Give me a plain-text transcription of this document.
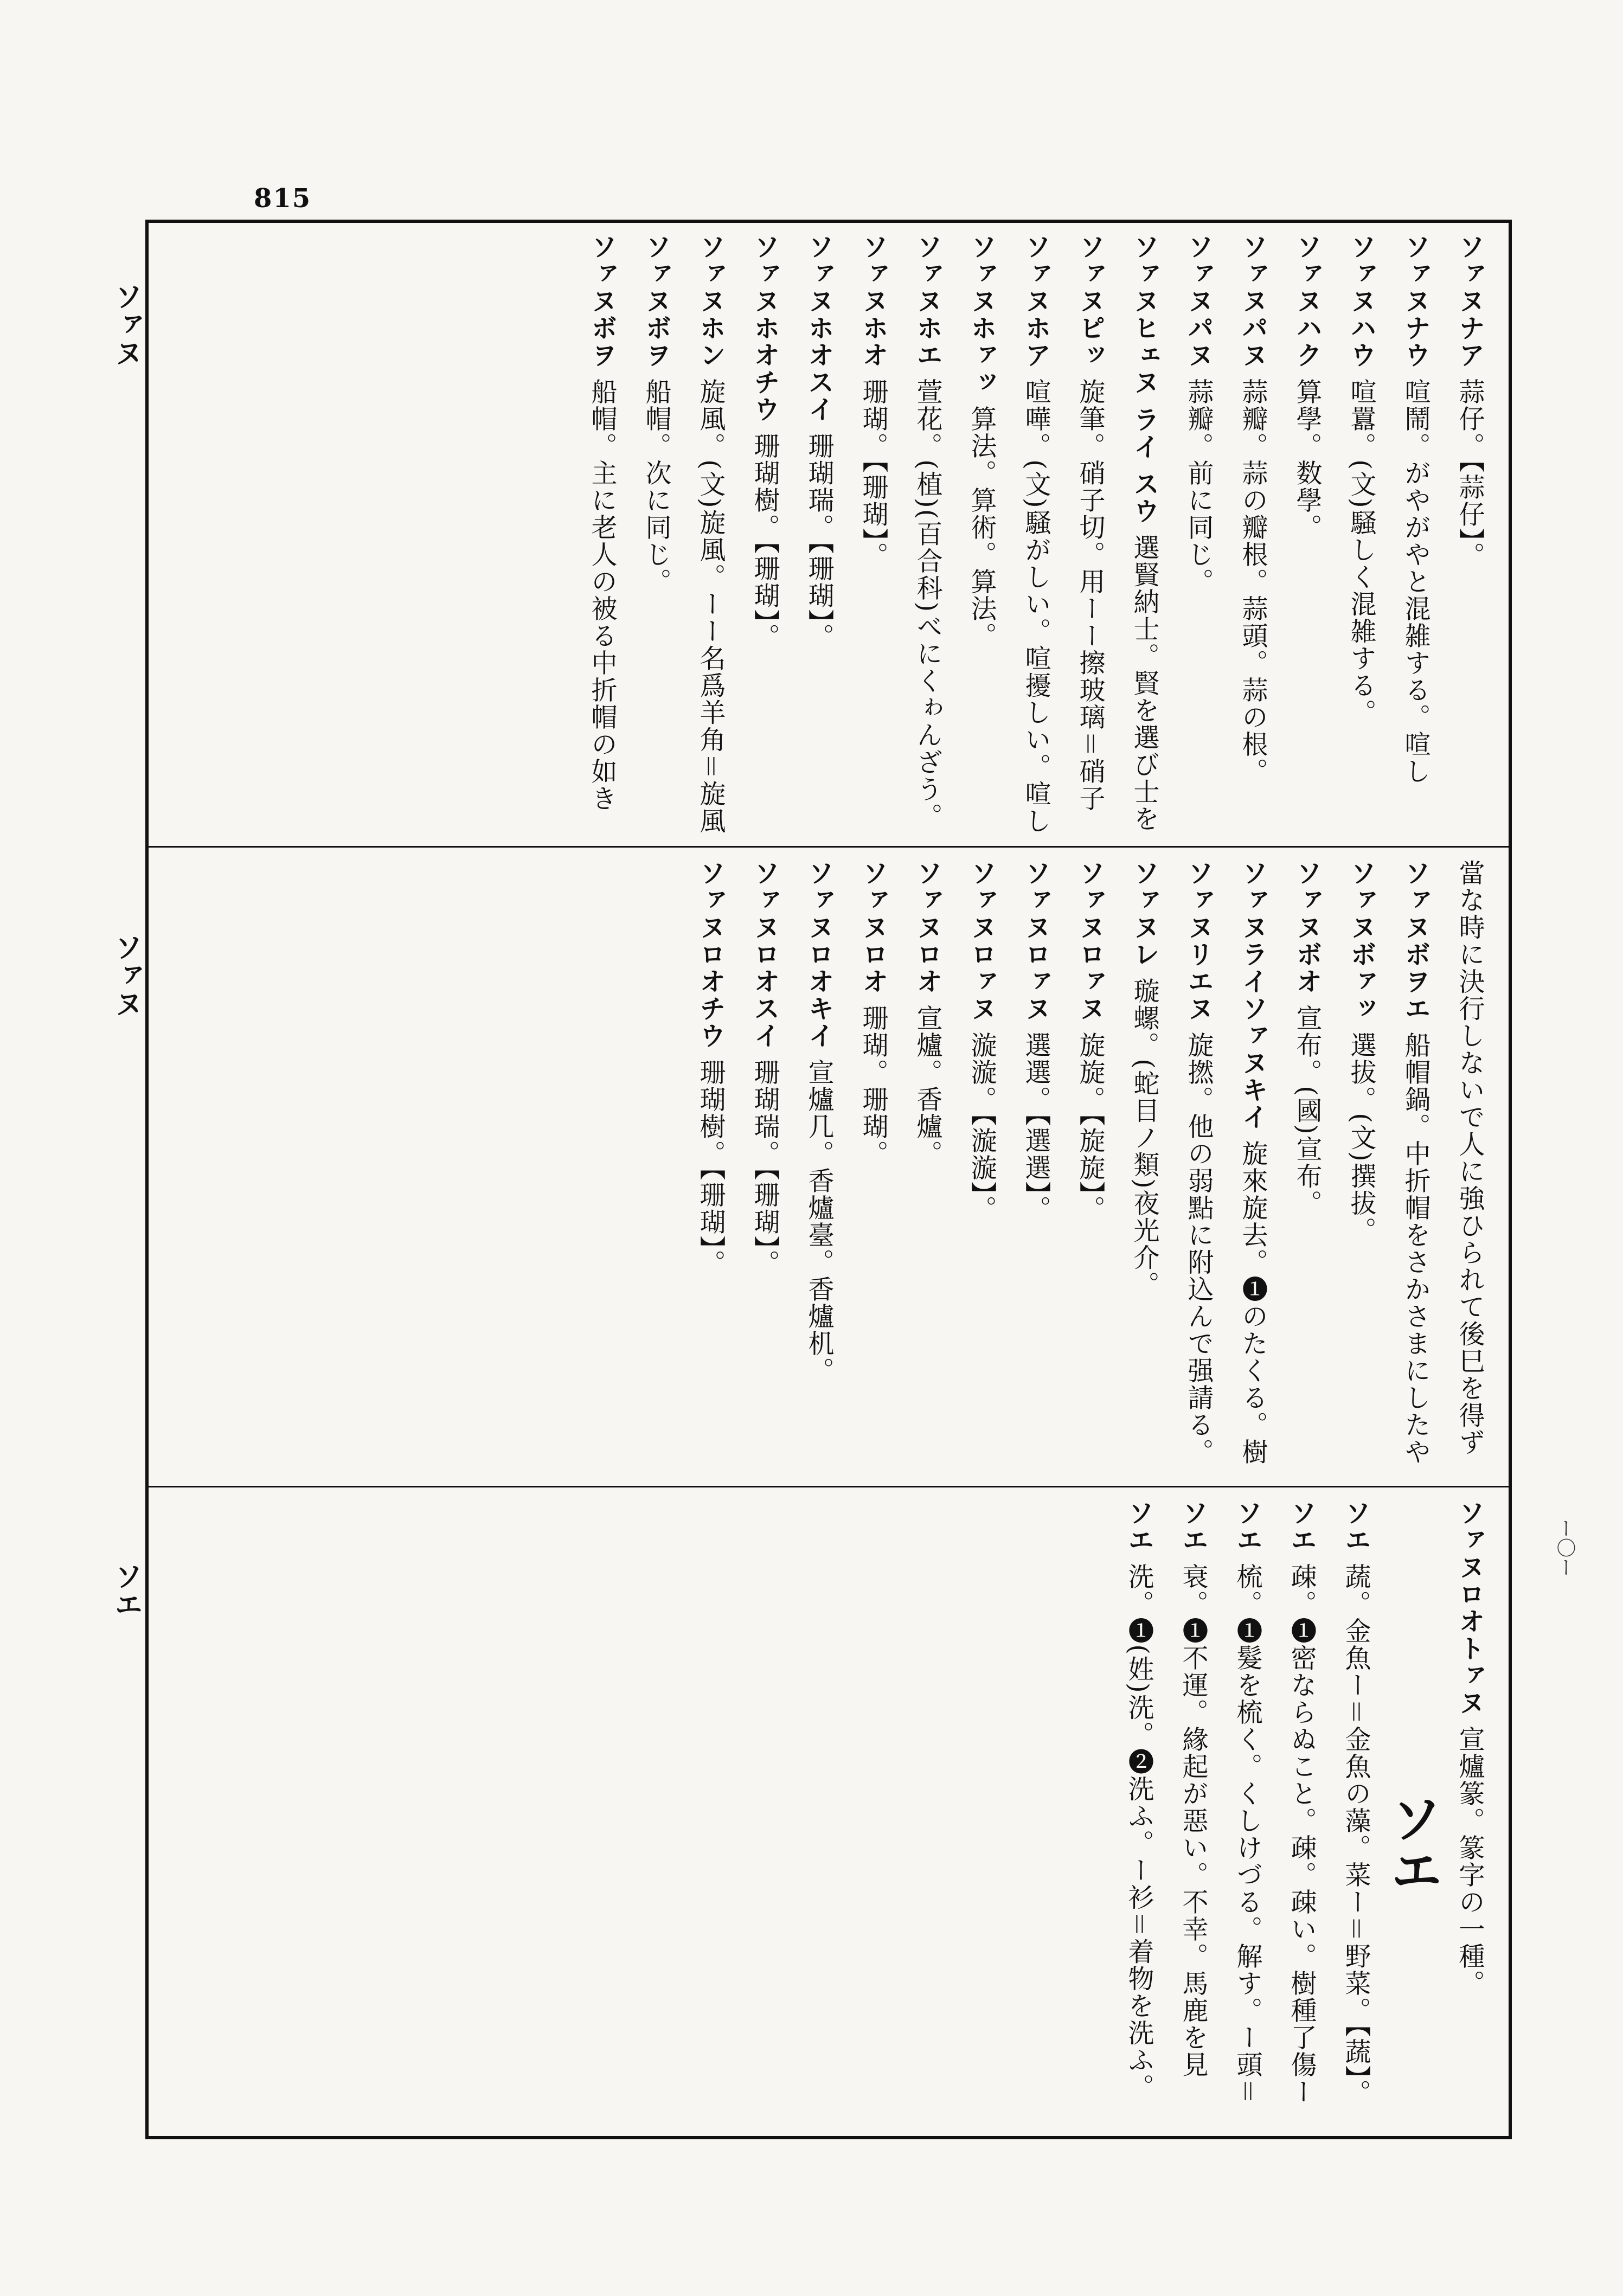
815
ソァヌ
ソァヌ
ソエ
ー〇ー
ソァヌナア 蒜仔。【蒜仔】。
ソァヌナウ 喧鬧。がやがやと混雑する。喧し
ソァヌハウ 喧囂。(文)騒しく混雑する。
ソァヌハク 算學。数學。
ソァヌパヌ 蒜瓣。蒜の瓣根。蒜頭。蒜の根。
ソァヌパヌ 蒜瓣。前に同じ。
ソァヌヒェヌ ライ スウ 選賢納士。賢を選び士を
ソァヌピッ 旋筆。硝子切。用ーー擦玻璃＝硝子
ソァヌホア 喧嘩。(文)騒がしい。喧擾しい。喧し
ソァヌホァッ 算法。算術。算法。
ソァヌホエ 萱花。(植)(百合科)べにくゎんざう。
ソァヌホオ 珊瑚。【珊瑚】。
ソァヌホオスイ 珊瑚瑞。【珊瑚】。
ソァヌホオチウ 珊瑚樹。【珊瑚】。
ソァヌホン 旋風。(文)旋風。ーー名爲羊角＝旋風
ソァヌボヲ 船帽。次に同じ。
ソァヌボヲ 船帽。主に老人の被る中折帽の如き
當な時に決行しないで人に強ひられて後巳を得ず
ソァヌボヲエ 船帽鍋。中折帽をさかさまにしたや
ソァヌボァッ 選拔。(文)撰拔。
ソァヌボオ 宣布。(國)宣布。
ソァヌライソァヌキイ 旋來旋去。❶のたくる。樹
ソァヌリエヌ 旋撚。他の弱點に附込んで强請る。
ソァヌレ 璇螺。(蛇目ノ類)夜光介。
ソァヌロァヌ 旋旋。【旋旋】。
ソァヌロァヌ 選選。【選選】。
ソァヌロァヌ 漩漩。【漩漩】。
ソァヌロオ 宣爐。香爐。
ソァヌロオ 珊瑚。珊瑚。
ソァヌロオキイ 宣爐几。香爐臺。香爐机。
ソァヌロオスイ 珊瑚瑞。【珊瑚】。
ソァヌロオチウ 珊瑚樹。【珊瑚】。
ソァヌロオトァヌ 宣爐篆。篆字の一種。
ソエ
ソエ 蔬。金魚ー＝金魚の藻。菜ー＝野菜。【蔬】。
ソエ 疎。❶密ならぬこと。疎。疎い。樹種了傷ー
ソエ 梳。❶髮を梳く。くしけづる。解す。ー頭＝
ソエ 衰。❶不運。緣起が惡い。不幸。馬鹿を見
ソエ 洗。❶(姓)洗。❷洗ふ。ー衫＝着物を洗ふ。
